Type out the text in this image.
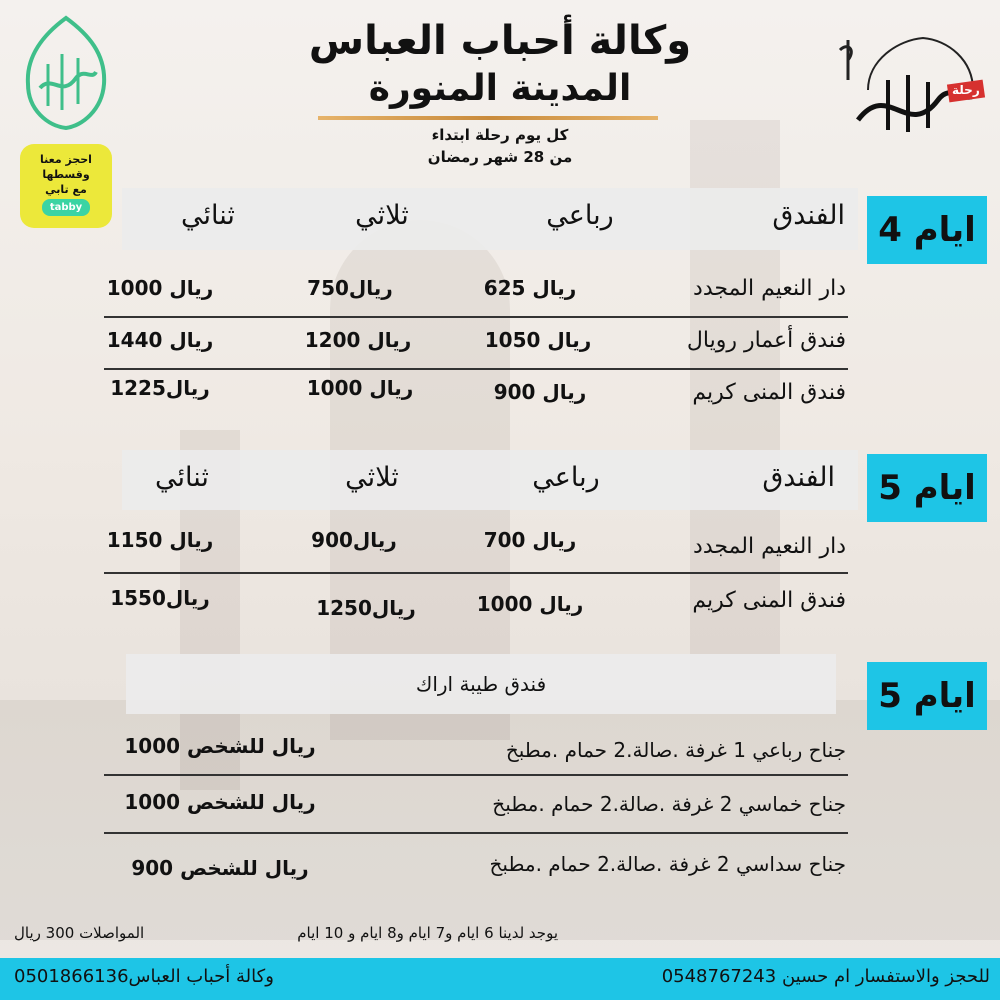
وكالة أحباب العباس
المدينة المنورة
كل يوم رحلة ابتداء
من 28 شهر رمضان
احجز معنا
وقسطها
مع تابي
tabby
رحلة
4 ايام
الفندق
رباعي
ثلاثي
ثنائي
دار النعيم المجدد
625 ريال
750ريال
1000 ريال
فندق أعمار رويال
1050 ريال
1200 ريال
1440 ريال
فندق المنى كريم
900 ريال
1000 ريال
1225ريال
5 ايام
الفندق
رباعي
ثلاثي
ثنائي
دار النعيم المجدد
700 ريال
900ريال
1150 ريال
فندق المنى كريم
1000 ريال
1250ريال
1550ريال
5 ايام
فندق طيبة اراك
جناح رباعي 1 غرفة .صالة.2 حمام .مطبخ
1000 ريال للشخص
جناح خماسي 2 غرفة .صالة.2 حمام .مطبخ
1000 ريال للشخص
جناح سداسي 2 غرفة .صالة.2 حمام .مطبخ
900 ريال للشخص
يوجد لدينا 6 ايام و7 ايام و8 ايام و 10 ايام
المواصلات 300 ريال
للحجز والاستفسار ام حسين 0548767243
وكالة أحباب العباس0501866136
